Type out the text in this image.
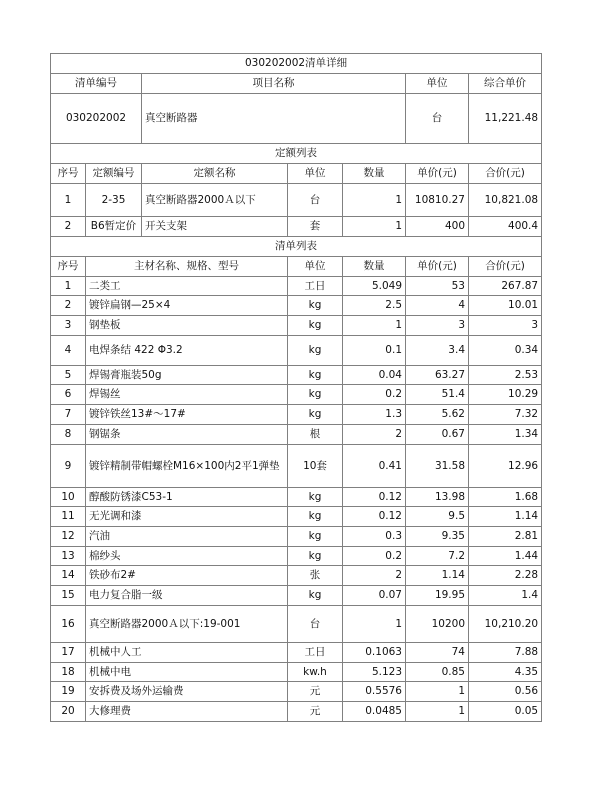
030202002清单详细						
清单编号		项目名称			单位	综合单价
030202002		真空断路器			台	11,221.48
定额列表						
序号	定额编号	定额名称	单位	数量	单价(元)	合价(元)
1	2-35	真空断路器2000Ａ以下	台	1	10810.27	10,821.08
2	B6暂定价	开关支架	套	1	400	400.4
清单列表						
序号	主材名称、规格、型号		单位	数量	单价(元)	合价(元)
1	二类工		工日	5.049	53	267.87
2	镀锌扁钢—25×4		kg	2.5	4	10.01
3	钢垫板		kg	1	3	3
4	电焊条结 422 Φ3.2		kg	0.1	3.4	0.34
5	焊锡膏瓶装50g		kg	0.04	63.27	2.53
6	焊锡丝		kg	0.2	51.4	10.29
7	镀锌铁丝13#～17#		kg	1.3	5.62	7.32
8	钢锯条		根	2	0.67	1.34
9	镀锌精制带帽螺栓M16×100内2平1弹垫		10套	0.41	31.58	12.96
10	醇酸防锈漆C53-1		kg	0.12	13.98	1.68
11	无光调和漆		kg	0.12	9.5	1.14
12	汽油		kg	0.3	9.35	2.81
13	棉纱头		kg	0.2	7.2	1.44
14	铁砂布2#		张	2	1.14	2.28
15	电力复合脂一级		kg	0.07	19.95	1.4
16	真空断路器2000Ａ以下:19-001		台	1	10200	10,210.20
17	机械中人工		工日	0.1063	74	7.88
18	机械中电		kw.h	5.123	0.85	4.35
19	安拆费及场外运输费		元	0.5576	1	0.56
20	大修理费		元	0.0485	1	0.05
